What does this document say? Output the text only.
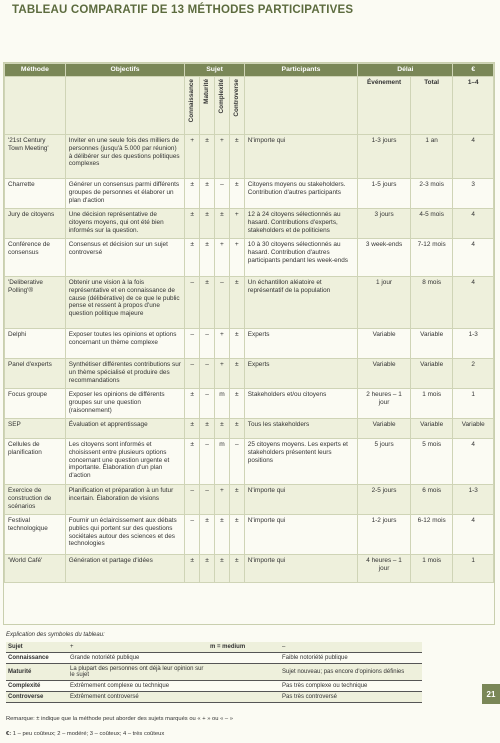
TABLEAU COMPARATIF DE 13 MÉTHODES PARTICIPATIVES
Méthode	Objectifs	Sujet				Participants	Délai		€
		Connaissance	Maturité	Complexité	Controverse		Événement	Total	1–4
'21st Century Town Meeting'	Inviter en une seule fois des milliers de personnes (jusqu'à 5.000 par réunion) à délibérer sur des questions politiques complexes	+	±	+	±	N'importe qui	1-3 jours	1 an	4
Charrette	Générer un consensus parmi différents groupes de personnes et élaborer un plan d'action	±	±	–	±	Citoyens moyens ou stakeholders. Contribution d'autres participants	1-5 jours	2-3 mois	3
Jury de citoyens	Une décision représentative de citoyens moyens, qui ont été bien informés sur la question.	±	±	±	+	12 à 24 citoyens sélectionnés au hasard. Contributions d'experts, stakeholders et de politiciens	3 jours	4-5 mois	4
Conférence de consensus	Consensus et décision sur un sujet controversé	±	±	+	+	10 à 30 citoyens sélectionnés au hasard. Contribution d'autres participants pendant les week-ends	3 week-ends	7-12 mois	4
'Deliberative Polling'®	Obtenir une vision à la fois représentative et en connaissance de cause (délibérative) de ce que le public pense et ressent à propos d'une question politique majeure	–	±	–	±	Un échantillon aléatoire et représentatif de la population	1 jour	8 mois	4
Delphi	Exposer toutes les opinions et options concernant un thème complexe	–	–	+	±	Experts	Variable	Variable	1-3
Panel d'experts	Synthétiser différentes contributions sur un thème spécialisé et produire des recommandations	–	–	+	±	Experts	Variable	Variable	2
Focus groupe	Exposer les opinions de différents groupes sur une question (raisonnement)	±	–	m	±	Stakeholders et/ou citoyens	2 heures – 1 jour	1 mois	1
SEP	Évaluation et apprentissage	±	±	±	±	Tous les stakeholders	Variable	Variable	Variable
Cellules de planification	Les citoyens sont informés et choisissent entre plusieurs options concernant une question urgente et importante. Élaboration d'un plan d'action	±	–	m	–	25 citoyens moyens. Les experts et stakeholders présentent leurs positions	5 jours	5 mois	4
Exercice de construction de scénarios	Planification et préparation à un futur incertain. Élaboration de visions	–	–	+	±	N'importe qui	2-5 jours	6 mois	1-3
Festival technologique	Fournir un éclaircissement aux débats publics qui portent sur des questions sociétales autour des sciences et des technologies	–	±	±	±	N'importe qui	1-2 jours	6-12 mois	4
'World Café'	Génération et partage d'idées	±	±	±	±	N'importe qui	4 heures – 1 jour	1 mois	1
Explication des symboles du tableau:
Sujet	+	m = medium	–
Connaissance	Grande notoriété publique		Faible notoriété publique
Maturité	La plupart des personnes ont déjà leur opinion sur le sujet		Sujet nouveau; pas encore d'opinions définies
Complexité	Extrêmement complexe ou technique		Pas très complexe ou technique
Controverse	Extrêmement controversé		Pas très controversé
Remarque: ± indique que la méthode peut aborder des sujets marqués ou « + » ou « – »
€: 1 – peu coûteux; 2 – modéré; 3 – coûteux; 4 – très coûteux
21
